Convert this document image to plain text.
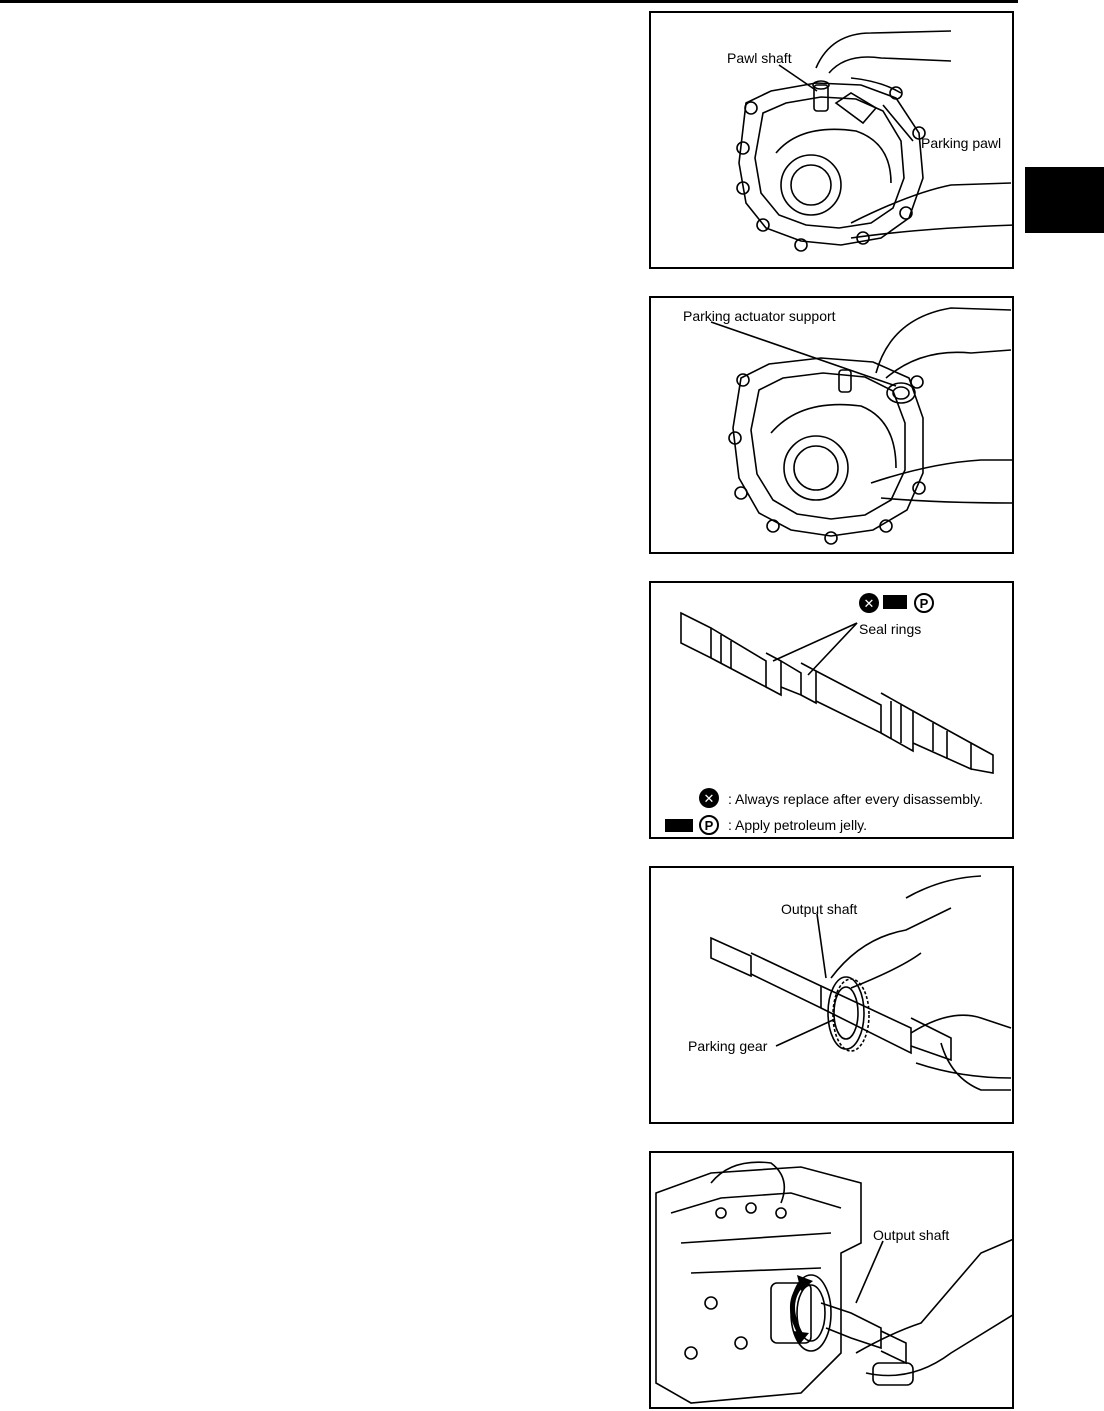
Pawl shaft
Parking pawl
Parking actuator support
✕	P
✕
P
Seal rings
: Always replace after every disassembly.
: Apply petroleum jelly.
Output shaft
Parking gear
Output shaft
